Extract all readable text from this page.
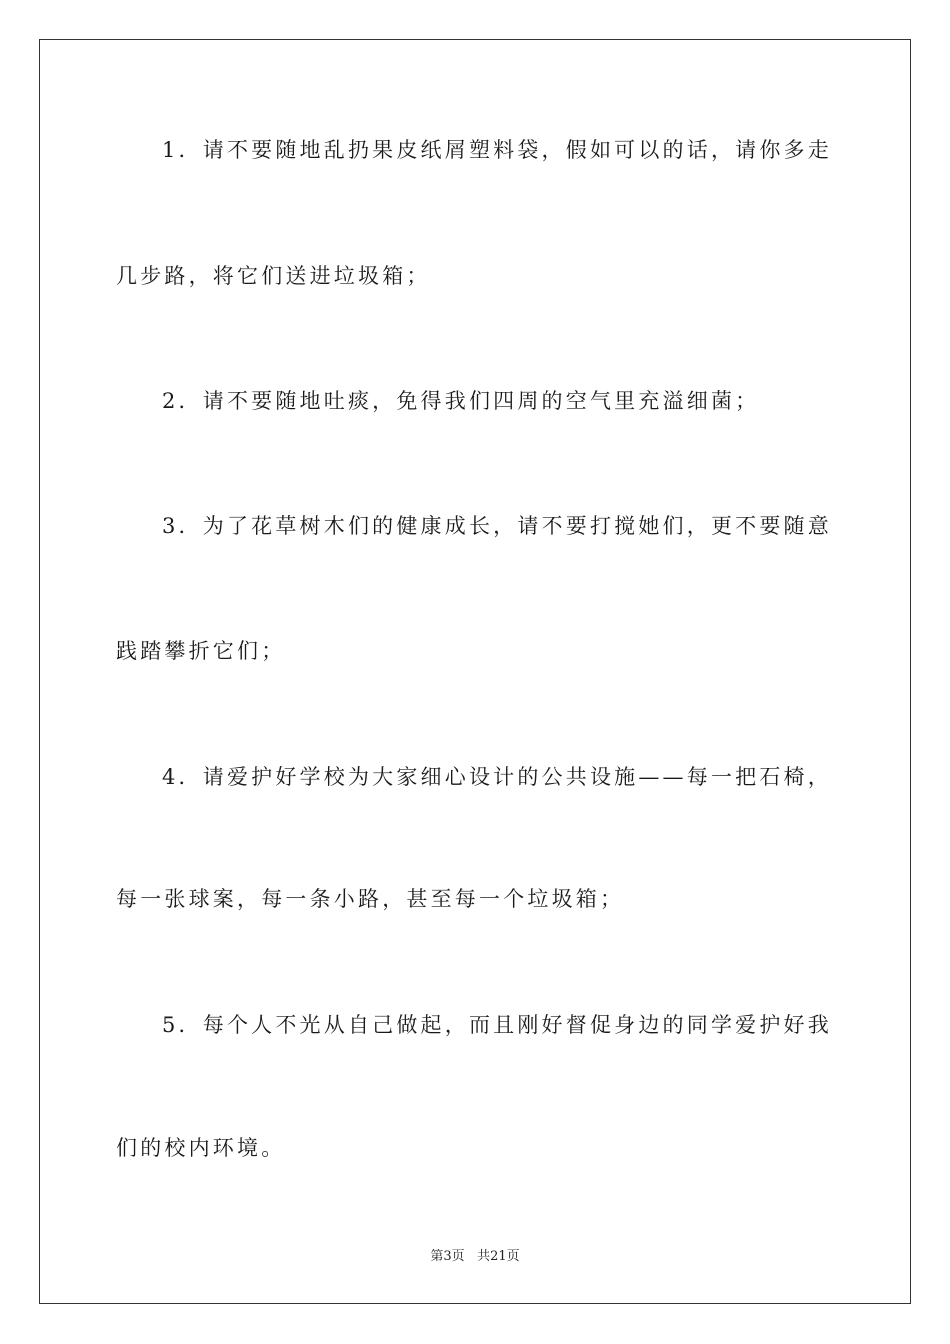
1．请不要随地乱扔果皮纸屑塑料袋，假如可以的话，请你多走
几步路，将它们送进垃圾箱；
2．请不要随地吐痰，免得我们四周的空气里充溢细菌；
3．为了花草树木们的健康成长，请不要打搅她们，更不要随意
践踏攀折它们；
4．请爱护好学校为大家细心设计的公共设施——每一把石椅，
每一张球案，每一条小路，甚至每一个垃圾箱；
5．每个人不光从自己做起，而且刚好督促身边的同学爱护好我
们的校内环境。
第3页 共21页
